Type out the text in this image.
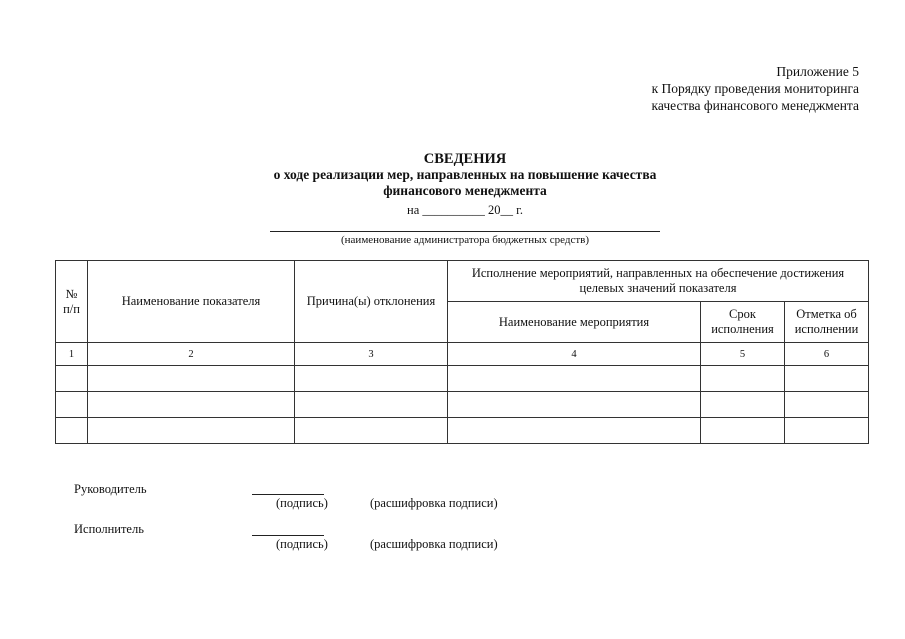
Приложение 5
к Порядку проведения мониторинга
качества финансового менеджмента
СВЕДЕНИЯ
о ходе реализации мер, направленных на повышение качества
финансового менеджмента
на __________ 20__ г.
(наименование администратора бюджетных средств)
№ п/п	Наименование показателя	Причина(ы) отклонения	Исполнение мероприятий, направленных на обеспечение достижения целевых значений показателя		
			Наименование мероприятия	Срок исполнения	Отметка об исполнении
1	2	3	4	5	6

Руководитель
(подпись)	(расшифровка подписи)
Исполнитель
(подпись)	(расшифровка подписи)
